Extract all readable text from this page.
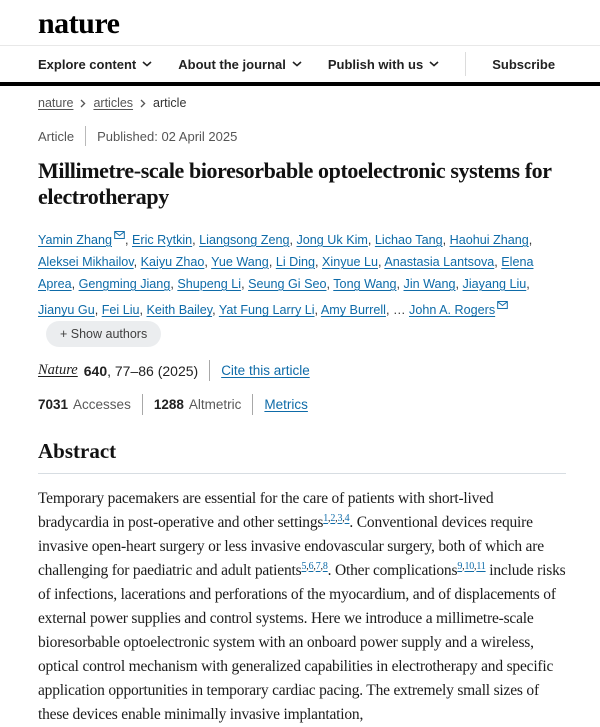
nature
Explore content	About the journal	Publish with us	Subscribe
nature articles article
Article Published: 02 April 2025
Millimetre-scale bioresorbable optoelectronic systems for electrotherapy

Yamin Zhang , Eric Rytkin, Liangsong Zeng, Jong Uk Kim, Lichao Tang, Haohui Zhang, Aleksei Mikhailov, Kaiyu Zhao, Yue Wang, Li Ding, Xinyue Lu, Anastasia Lantsova, Elena Aprea, Gengming Jiang, Shupeng Li, Seung Gi Seo, Tong Wang, Jin Wang, Jiayang Liu, Jianyu Gu, Fei Liu, Keith Bailey, Yat Fung Larry Li, Amy Burrell, … John A. Rogers+ Show authors

Nature 640 , 77–86 (2025) Cite this article
7031 Accesses 1288 Altmetric Metrics
Abstract

Temporary pacemakers are essential for the care of patients with short-lived bradycardia in post-operative and other settings$^{1,2,3,4}$. Conventional devices require invasive open-heart surgery or less invasive endovascular surgery, both of which are challenging for paediatric and adult patients$^{5,6,7,8}$. Other complications$^{9,10,11}$ include risks of infections, lacerations and perforations of the myocardium, and of displacements of external power supplies and control systems. Here we introduce a millimetre-scale bioresorbable optoelectronic system with an onboard power supply and a wireless, optical control mechanism with generalized capabilities in electrotherapy and specific application opportunities in temporary cardiac pacing. The extremely small sizes of these devices enable minimally invasive implantation,
